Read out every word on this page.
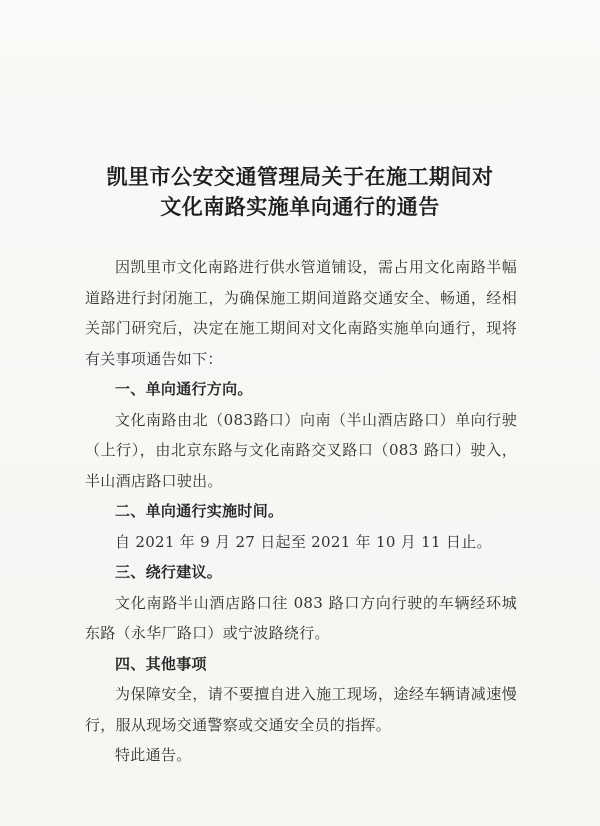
凯里市公安交通管理局关于在施工期间对
文化南路实施单向通行的通告

因凯里市文化南路进行供水管道铺设，需占用文化南路半幅道路进行封闭施工，为确保施工期间道路交通安全、畅通，经相关部门研究后，决定在施工期间对文化南路实施单向通行，现将有关事项通告如下：

一、单向通行方向。

文化南路由北（083路口）向南（半山酒店路口）单向行驶（上行），由北京东路与文化南路交叉路口（083 路口）驶入，半山酒店路口驶出。

二、单向通行实施时间。

自 2021 年 9 月 27 日起至 2021 年 10 月 11 日止。

三、绕行建议。

文化南路半山酒店路口往 083 路口方向行驶的车辆经环城东路（永华厂路口）或宁波路绕行。

四、其他事项

为保障安全，请不要擅自进入施工现场，途经车辆请减速慢行，服从现场交通警察或交通安全员的指挥。

特此通告。
